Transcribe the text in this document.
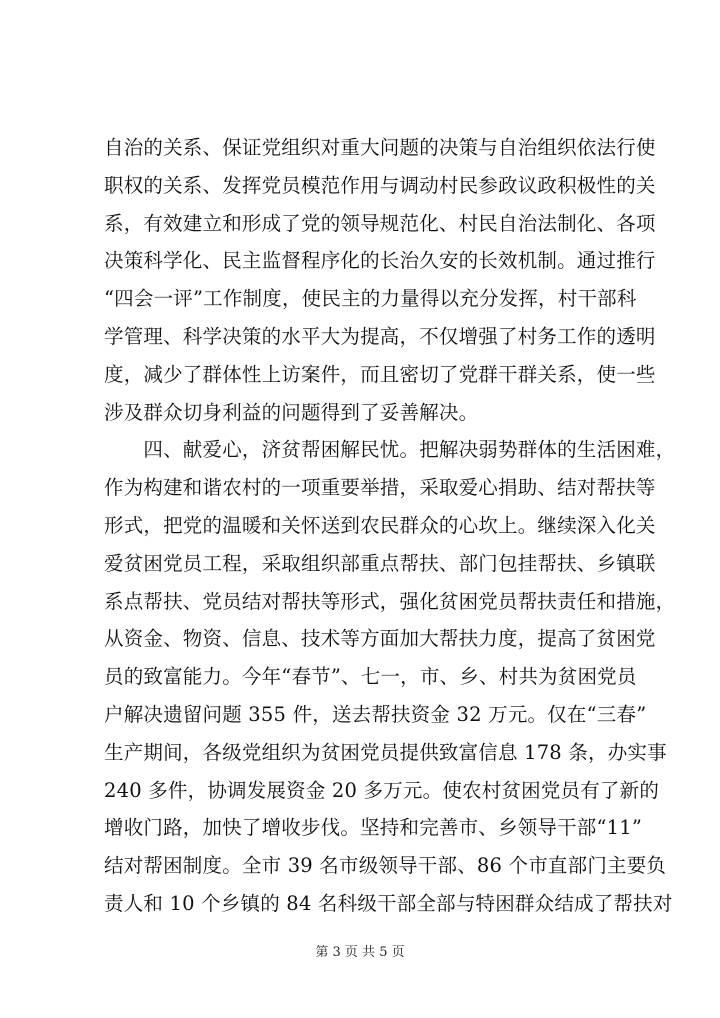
自治的关系、保证党组织对重大问题的决策与自治组织依法行使
职权的关系、发挥党员模范作用与调动村民参政议政积极性的关
系，有效建立和形成了党的领导规范化、村民自治法制化、各项
决策科学化、民主监督程序化的长治久安的长效机制。通过推行
“四会一评”工作制度，使民主的力量得以充分发挥，村干部科
学管理、科学决策的水平大为提高，不仅增强了村务工作的透明
度，减少了群体性上访案件，而且密切了党群干群关系，使一些
涉及群众切身利益的问题得到了妥善解决。
　　四、献爱心，济贫帮困解民忧。把解决弱势群体的生活困难，
作为构建和谐农村的一项重要举措，采取爱心捐助、结对帮扶等
形式，把党的温暖和关怀送到农民群众的心坎上。继续深入化关
爱贫困党员工程，采取组织部重点帮扶、部门包挂帮扶、乡镇联
系点帮扶、党员结对帮扶等形式，强化贫困党员帮扶责任和措施，
从资金、物资、信息、技术等方面加大帮扶力度，提高了贫困党
员的致富能力。今年“春节”、七一，市、乡、村共为贫困党员
户解决遗留问题 355 件，送去帮扶资金 32 万元。仅在“三春”
生产期间，各级党组织为贫困党员提供致富信息 178 条，办实事
240 多件，协调发展资金 20 多万元。使农村贫困党员有了新的
增收门路，加快了增收步伐。坚持和完善市、乡领导干部“11”
结对帮困制度。全市 39 名市级领导干部、86 个市直部门主要负
责人和 10 个乡镇的 84 名科级干部全部与特困群众结成了帮扶对
第 3 页 共 5 页
